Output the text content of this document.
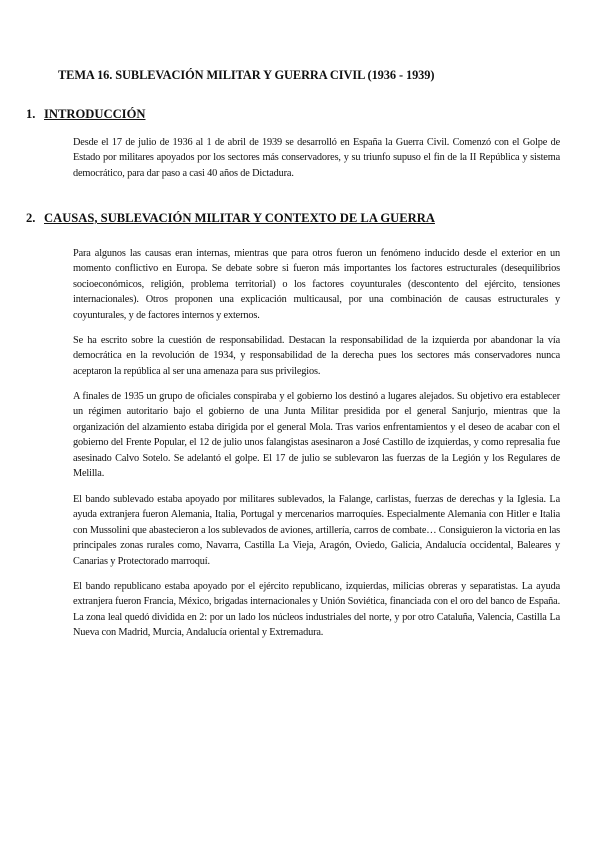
TEMA 16. SUBLEVACIÓN MILITAR Y GUERRA CIVIL (1936 - 1939)
1. INTRODUCCIÓN

Desde el 17 de julio de 1936 al 1 de abril de 1939 se desarrolló en España la Guerra Civil. Comenzó con el Golpe de Estado por militares apoyados por los sectores más conservadores, y su triunfo supuso el fin de la II República y sistema democrático, para dar paso a casi 40 años de Dictadura.

2. CAUSAS, SUBLEVACIÓN MILITAR Y CONTEXTO DE LA GUERRA

Para algunos las causas eran internas, mientras que para otros fueron un fenómeno inducido desde el exterior en un momento conflictivo en Europa. Se debate sobre si fueron más importantes los factores estructurales (desequilibrios socioeconómicos, religión, problema territorial) o los factores coyunturales (descontento del ejército, tensiones internacionales). Otros proponen una explicación multicausal, por una combinación de causas estructurales y coyunturales, y de factores internos y externos.

Se ha escrito sobre la cuestión de responsabilidad. Destacan la responsabilidad de la izquierda por abandonar la vía democrática en la revolución de 1934, y responsabilidad de la derecha pues los sectores más conservadores nunca aceptaron la república al ser una amenaza para sus privilegios.

A finales de 1935 un grupo de oficiales conspiraba y el gobierno los destinó a lugares alejados. Su objetivo era establecer un régimen autoritario bajo el gobierno de una Junta Militar presidida por el general Sanjurjo, mientras que la organización del alzamiento estaba dirigida por el general Mola. Tras varios enfrentamientos y el deseo de acabar con el gobierno del Frente Popular, el 12 de julio unos falangistas asesinaron a José Castillo de izquierdas, y como represalia fue asesinado Calvo Sotelo. Se adelantó el golpe. El 17 de julio se sublevaron las fuerzas de la Legión y los Regulares de Melilla.

El bando sublevado estaba apoyado por militares sublevados, la Falange, carlistas, fuerzas de derechas y la Iglesia. La ayuda extranjera fueron Alemania, Italia, Portugal y mercenarios marroquíes. Especialmente Alemania con Hitler e Italia con Mussolini que abastecieron a los sublevados de aviones, artillería, carros de combate… Consiguieron la victoria en las principales zonas rurales como, Navarra, Castilla La Vieja, Aragón, Oviedo, Galicia, Andalucía occidental, Baleares y Canarias y Protectorado marroquí.

El bando republicano estaba apoyado por el ejército republicano, izquierdas, milicias obreras y separatistas. La ayuda extranjera fueron Francia, México, brigadas internacionales y Unión Soviética, financiada con el oro del banco de España. La zona leal quedó dividida en 2: por un lado los núcleos industriales del norte, y por otro Cataluña, Valencia, Castilla La Nueva con Madrid, Murcia, Andalucía oriental y Extremadura.
